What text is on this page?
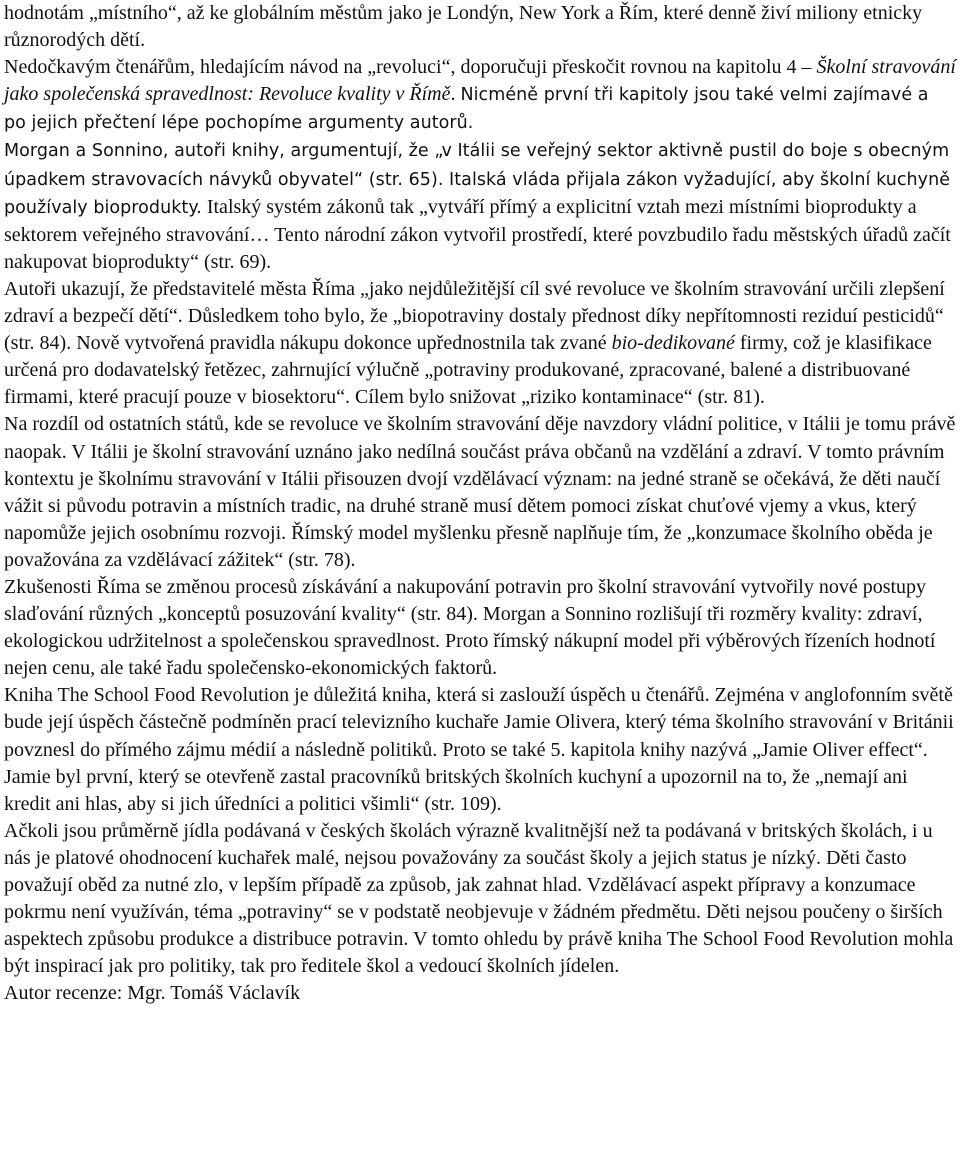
hodnotám „místního“, až ke globálním městům jako je Londýn, New York a Řím, které denně živí miliony etnicky různorodých dětí.

Nedočkavým čtenářům, hledajícím návod na „revoluci“, doporučuji přeskočit rovnou na kapitolu 4 – Školní stravování jako společenská spravedlnost: Revoluce kvality v Římě. Nicméně první tři kapitoly jsou také velmi zajímavé a po jejich přečtení lépe pochopíme argumenty autorů.

Morgan a Sonnino, autoři knihy, argumentují, že „v Itálii se veřejný sektor aktivně pustil do boje s obecným úpadkem stravovacích návyků obyvatel“ (str. 65). Italská vláda přijala zákon vyžadující, aby školní kuchyně používaly bioprodukty. Italský systém zákonů tak „vytváří přímý a explicitní vztah mezi místními bioprodukty a sektorem veřejného stravování… Tento národní zákon vytvořil prostředí, které povzbudilo řadu městských úřadů začít nakupovat bioprodukty“ (str. 69).

Autoři ukazují, že představitelé města Říma „jako nejdůležitější cíl své revoluce ve školním stravování určili zlepšení zdraví a bezpečí dětí“. Důsledkem toho bylo, že „biopotraviny dostaly přednost díky nepřítomnosti reziduí pesticidů“ (str. 84). Nově vytvořená pravidla nákupu dokonce upřednostnila tak zvané bio-dedikované firmy, což je klasifikace určená pro dodavatelský řetězec, zahrnující výlučně „potraviny produkované, zpracované, balené a distribuované firmami, které pracují pouze v biosektoru“. Cílem bylo snižovat „riziko kontaminace“ (str. 81).

Na rozdíl od ostatních států, kde se revoluce ve školním stravování děje navzdory vládní politice, v Itálii je tomu právě naopak. V Itálii je školní stravování uznáno jako nedílná součást práva občanů na vzdělání a zdraví. V tomto právním kontextu je školnímu stravování v Itálii přisouzen dvojí vzdělávací význam: na jedné straně se očekává, že děti naučí vážit si původu potravin a místních tradic, na druhé straně musí dětem pomoci získat chuťové vjemy a vkus, který napomůže jejich osobnímu rozvoji. Římský model myšlenku přesně naplňuje tím, že „konzumace školního oběda je považována za vzdělávací zážitek“ (str. 78).

Zkušenosti Říma se změnou procesů získávání a nakupování potravin pro školní stravování vytvořily nové postupy slaďování různých „konceptů posuzování kvality“ (str. 84). Morgan a Sonnino rozlišují tři rozměry kvality: zdraví, ekologickou udržitelnost a společenskou spravedlnost. Proto římský nákupní model při výběrových řízeních hodnotí nejen cenu, ale také řadu společensko-ekonomických faktorů.

Kniha The School Food Revolution je důležitá kniha, která si zaslouží úspěch u čtenářů. Zejména v anglofonním světě bude její úspěch částečně podmíněn prací televizního kuchaře Jamie Olivera, který téma školního stravování v Británii povznesl do přímého zájmu médií a následně politiků. Proto se také 5. kapitola knihy nazývá „Jamie Oliver effect“. Jamie byl první, který se otevřeně zastal pracovníků britských školních kuchyní a upozornil na to, že „nemají ani kredit ani hlas, aby si jich úředníci a politici všimli“ (str. 109).

Ačkoli jsou průměrně jídla podávaná v českých školách výrazně kvalitnější než ta podávaná v britských školách, i u nás je platové ohodnocení kuchařek malé, nejsou považovány za součást školy a jejich status je nízký. Děti často považují oběd za nutné zlo, v lepším případě za způsob, jak zahnat hlad. Vzdělávací aspekt přípravy a konzumace pokrmu není využíván, téma „potraviny“ se v podstatě neobjevuje v žádném předmětu. Děti nejsou poučeny o širších aspektech způsobu produkce a distribuce potravin. V tomto ohledu by právě kniha The School Food Revolution mohla být inspirací jak pro politiky, tak pro ředitele škol a vedoucí školních jídelen.

Autor recenze: Mgr. Tomáš Václavík
